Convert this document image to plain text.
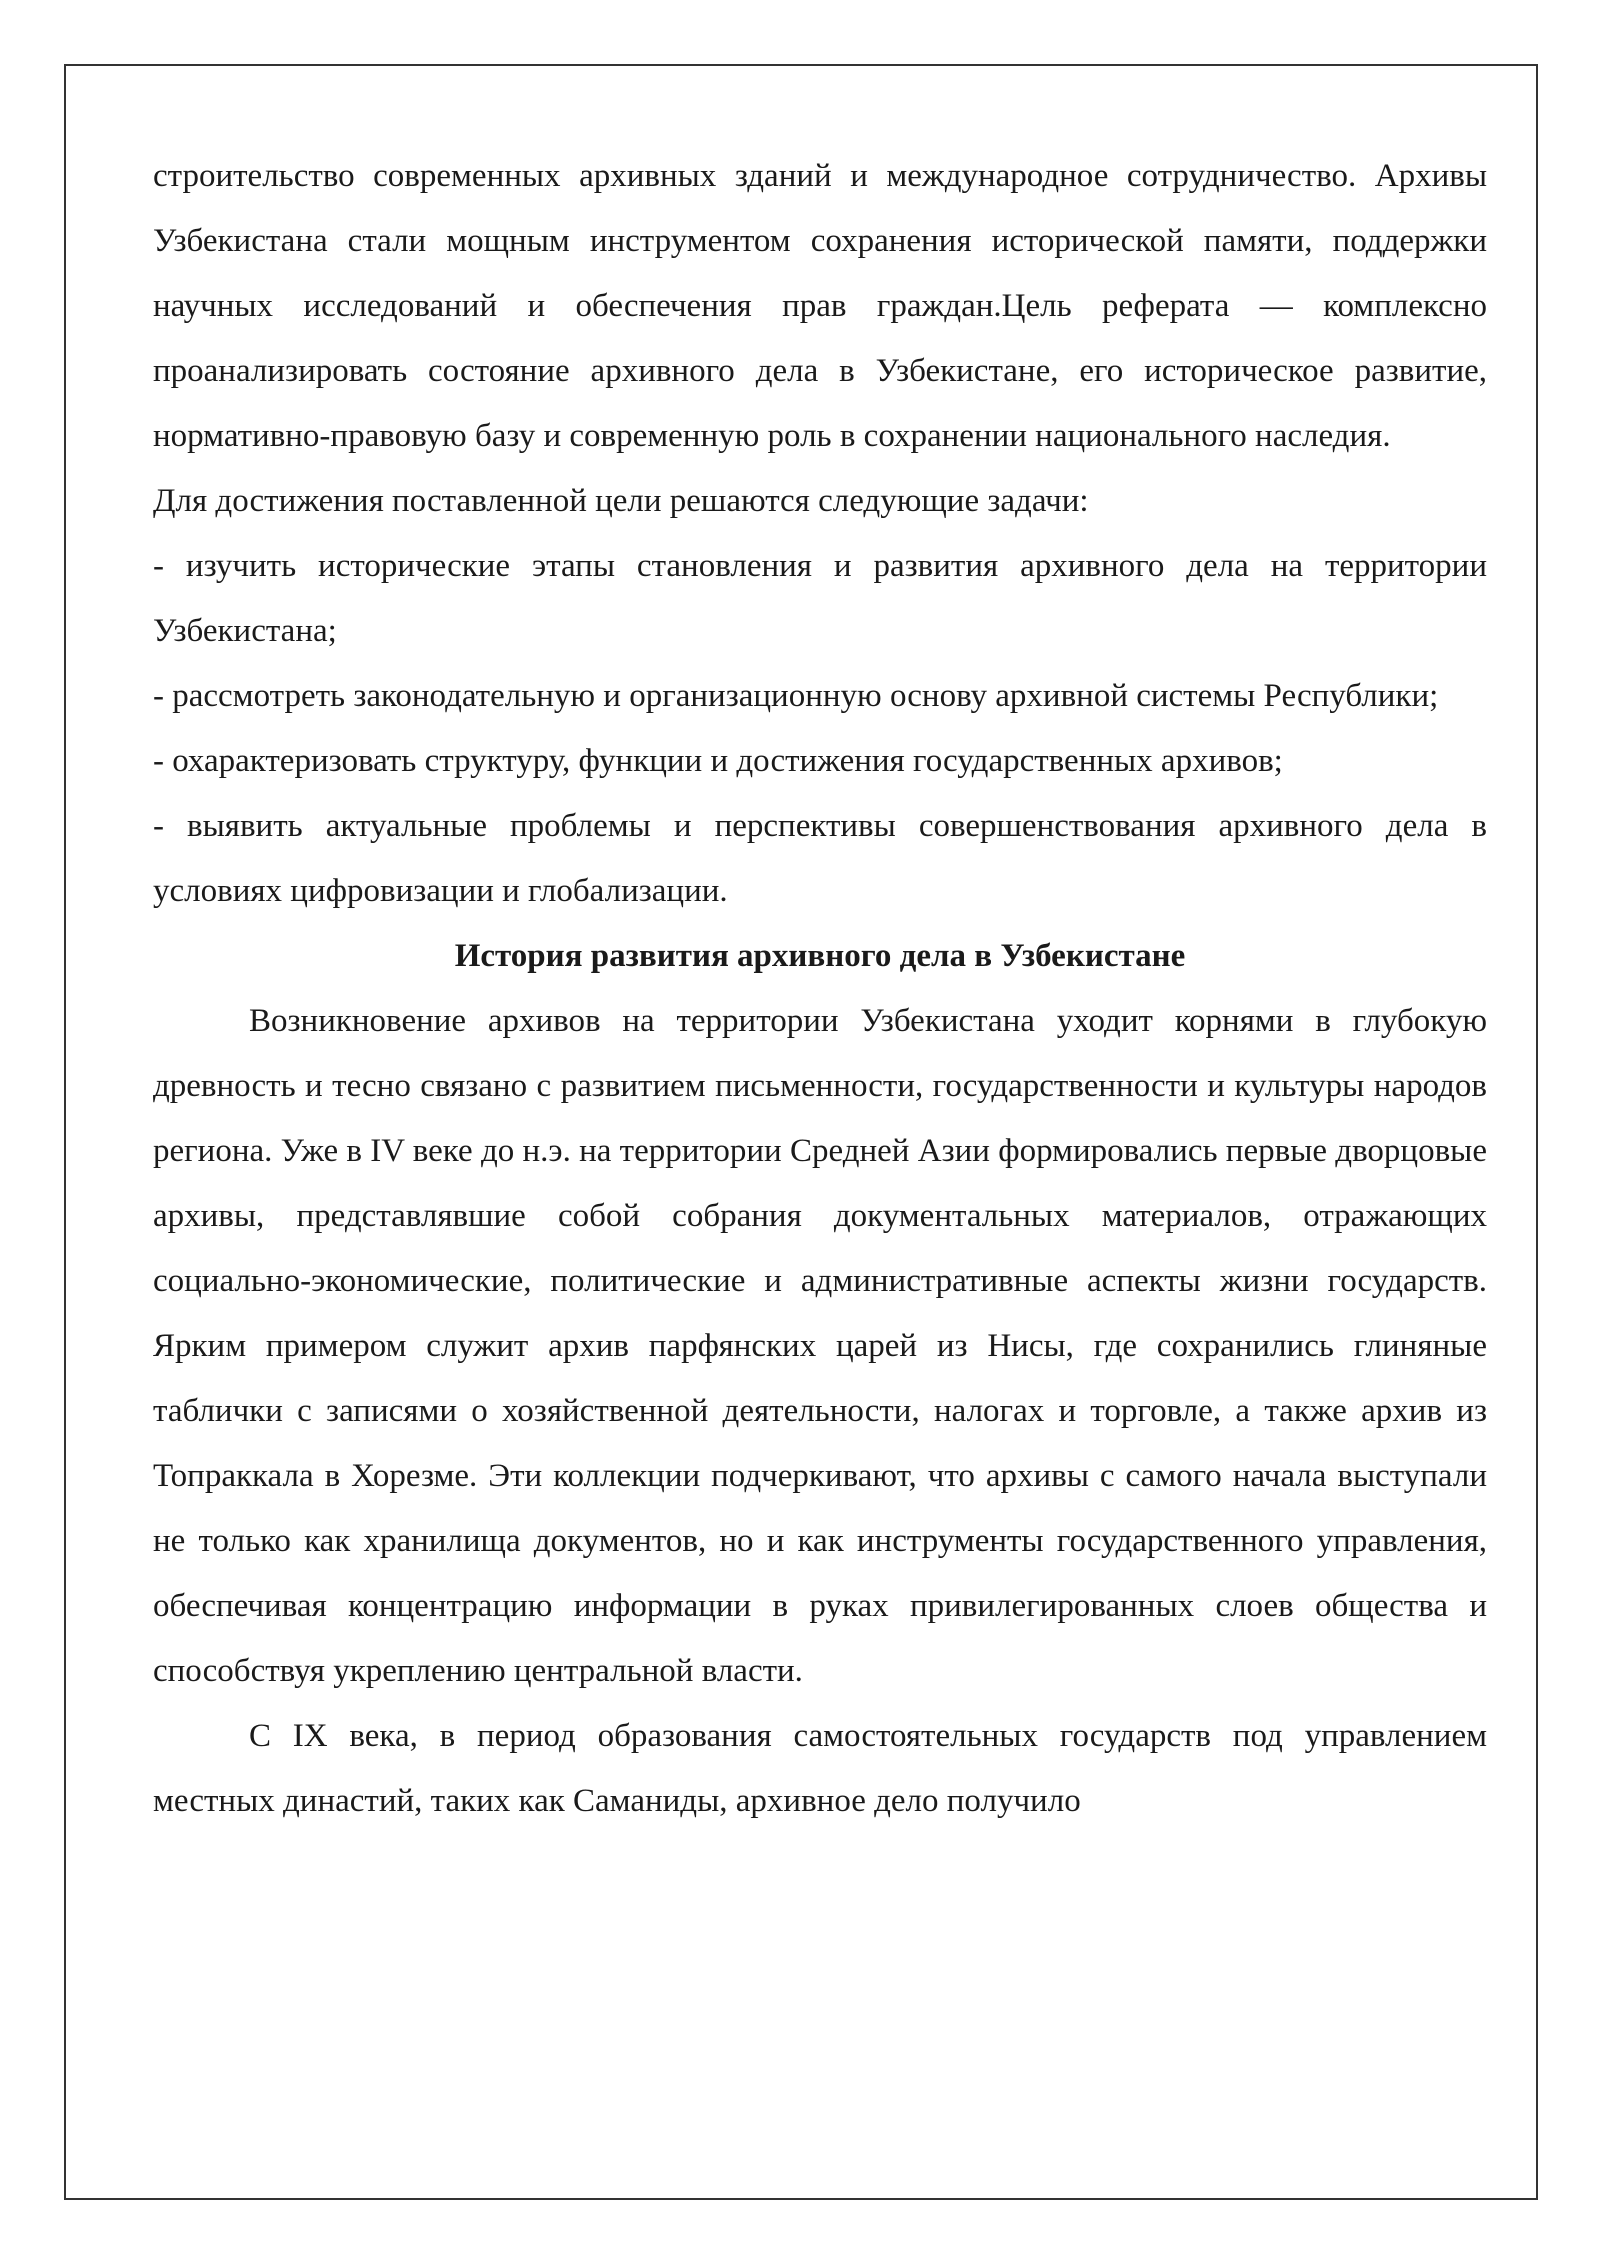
строительство современных архивных зданий и международное сотрудничество. Архивы Узбекистана стали мощным инструментом сохранения исторической памяти, поддержки научных исследований и обеспечения прав граждан.Цель реферата — комплексно проанализировать состояние архивного дела в Узбекистане, его историческое развитие, нормативно-правовую базу и современную роль в сохранении национального наследия.

Для достижения поставленной цели решаются следующие задачи:

- изучить исторические этапы становления и развития архивного дела на территории Узбекистана;

- рассмотреть законодательную и организационную основу архивной системы Республики;

- охарактеризовать структуру, функции и достижения государственных архивов;

- выявить актуальные проблемы и перспективы совершенствования архивного дела в условиях цифровизации и глобализации.

История развития архивного дела в Узбекистане

Возникновение архивов на территории Узбекистана уходит корнями в глубокую древность и тесно связано с развитием письменности, государственности и культуры народов региона. Уже в IV веке до н.э. на территории Средней Азии формировались первые дворцовые архивы, представлявшие собой собрания документальных материалов, отражающих социально-экономические, политические и административные аспекты жизни государств. Ярким примером служит архив парфянских царей из Нисы, где сохранились глиняные таблички с записями о хозяйственной деятельности, налогах и торговле, а также архив из Топраккала в Хорезме. Эти коллекции подчеркивают, что архивы с самого начала выступали не только как хранилища документов, но и как инструменты государственного управления, обеспечивая концентрацию информации в руках привилегированных слоев общества и способствуя укреплению центральной власти.

С IX века, в период образования самостоятельных государств под управлением местных династий, таких как Саманиды, архивное дело получило
